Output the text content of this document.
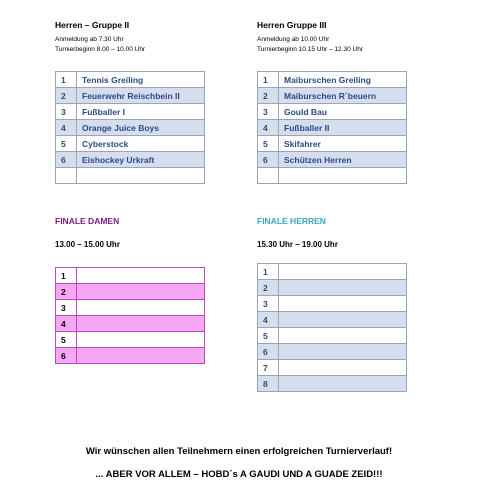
Herren – Gruppe II
Anmeldung ab 7.30 Uhr
Turnierbeginn 8.00 – 10.00 Uhr
1	Tennis Greiling
2	Feuerwehr Reischbein II
3	Fußballer I
4	Orange Juice Boys
5	Cyberstock
6	Eishockey Urkraft

Herren Gruppe III
Anmeldung ab 10.00 Uhr
Turnierbeginn 10.15 Uhr – 12.30 Uhr
1	Maiburschen Greiling
2	Maiburschen R´beuern
3	Gould Bau
4	Fußballer II
5	Skifahrer
6	Schützen Herren

FINALE DAMEN
13.00 – 15.00 Uhr
1	
2	
3	
4	
5	
6	
FINALE HERREN
15.30 Uhr – 19.00 Uhr
1	
2	
3	
4	
5	
6	
7	
8	
Wir wünschen allen Teilnehmern einen erfolgreichen Turnierverlauf!
... ABER VOR ALLEM – HOBD´s A GAUDI UND A GUADE ZEID!!!
